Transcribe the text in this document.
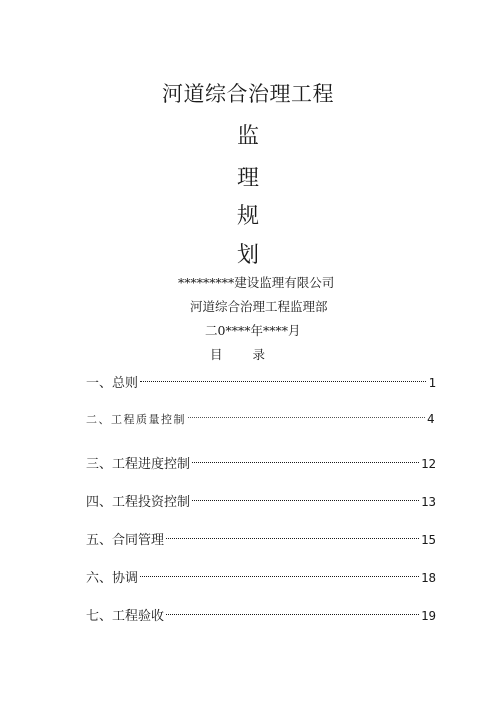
河道综合治理工程
监
理
规
划
*********建设监理有限公司
河道综合治理工程监理部
二0****年****月
目 录
一、总则	1
二、工程质量控制	4
三、工程进度控制	12
四、工程投资控制	13
五、合同管理	15
六、协调	18
七、工程验收	19
